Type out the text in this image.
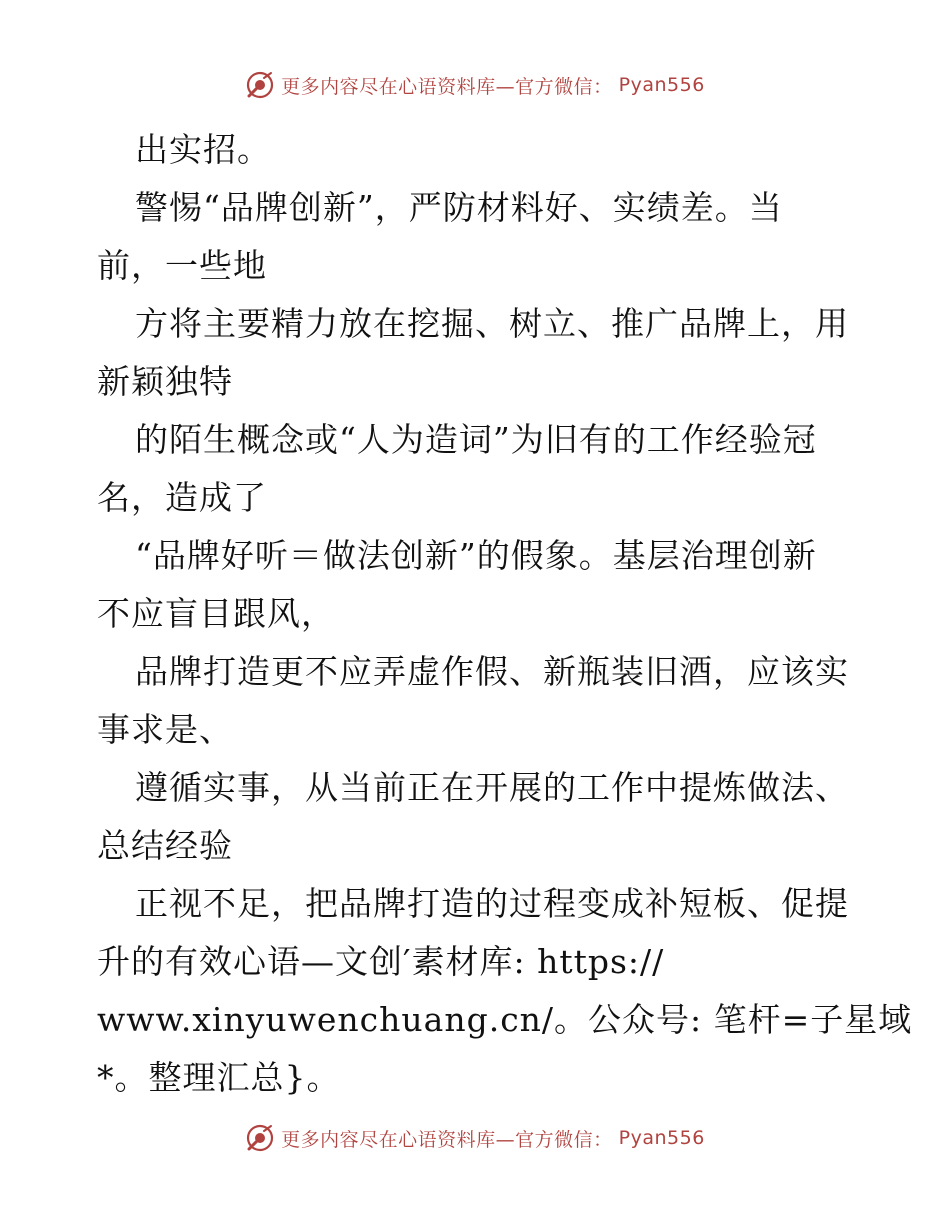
更多内容尽在心语资料库—官方微信： Pyan556
出实招。
警惕“品牌创新”，严防材料好、实绩差。当
前，一些地
方将主要精力放在挖掘、树立、推广品牌上，用
新颖独特
的陌生概念或“人为造词”为旧有的工作经验冠
名，造成了
“品牌好听＝做法创新”的假象。基层治理创新
不应盲目跟风，
品牌打造更不应弄虚作假、新瓶装旧酒，应该实
事求是、
遵循实事，从当前正在开展的工作中提炼做法、
总结经验
正视不足，把品牌打造的过程变成补短板、促提
升的有效心语—文创′素材库: https://
www.xinyuwenchuang.cn/。公众号: 笔杆=子星域
*。整理汇总}。
更多内容尽在心语资料库—官方微信： Pyan556
